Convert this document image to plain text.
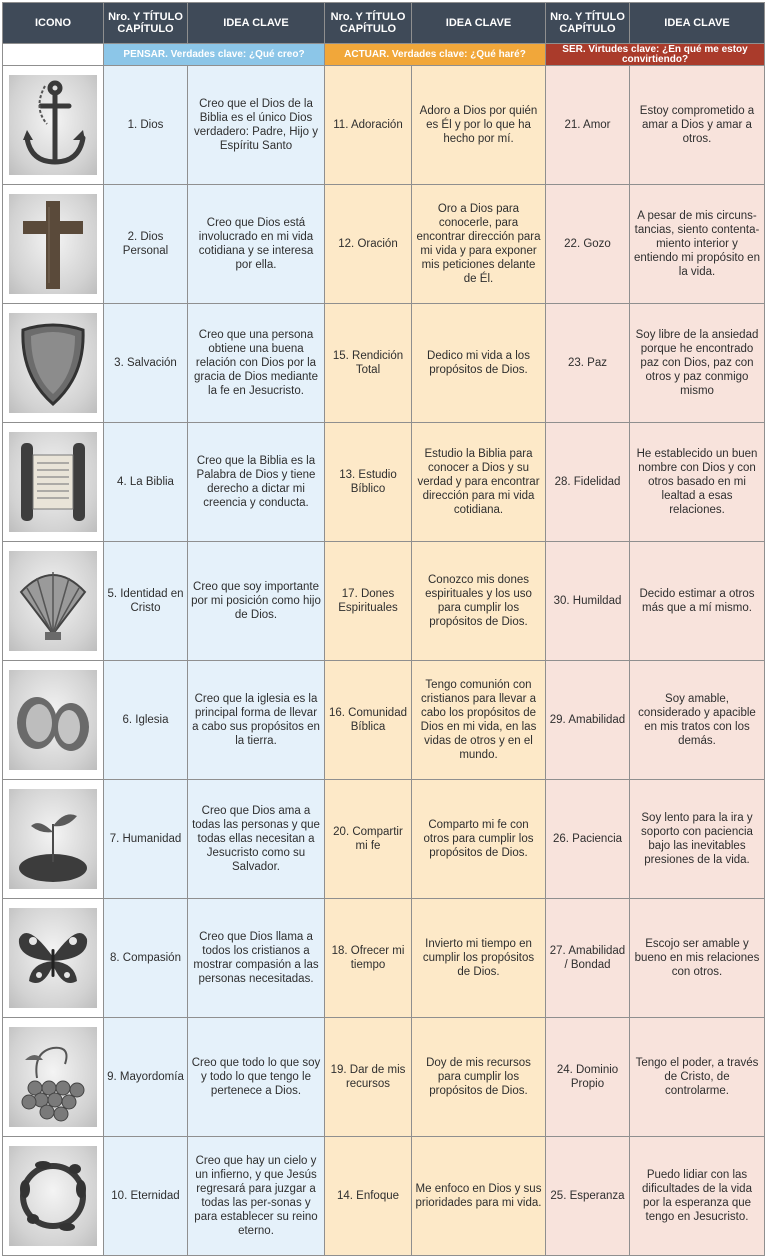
ICONO	Nro. Y TÍTULO CAPÍTULO	IDEA CLAVE	Nro. Y TÍTULO CAPÍTULO	IDEA CLAVE	Nro. Y TÍTULO CAPÍTULO	IDEA CLAVE
	PENSAR. Verdades clave: ¿Qué creo?		ACTUAR. Verdades clave: ¿Qué haré?		SER. Virtudes clave: ¿En qué me estoy convirtiendo?	

	1. Dios	Creo que el Dios de la Biblia es el único Dios verdadero: Padre, Hijo y Espíritu Santo	11. Adoración	Adoro a Dios por quién es Él y por lo que ha hecho por mí.	21. Amor	Estoy comprometido a amar a Dios y amar a otros.

	2. Dios Personal	Creo que Dios está involucrado en mi vida cotidiana y se interesa por ella.	12. Oración	Oro a Dios para conocerle, para encontrar dirección para mi vida y para exponer mis peticiones delante de Él.	22. Gozo	A pesar de mis circuns-tancias, siento contenta-miento interior y entiendo mi propósito en la vida.

	3. Salvación	Creo que una persona obtiene una buena relación con Dios por la gracia de Dios mediante la fe en Jesucristo.	15. Rendición Total	Dedico mi vida a los propósitos de Dios.	23. Paz	Soy libre de la ansiedad porque he encontrado paz con Dios, paz con otros y paz conmigo mismo

	4. La Biblia	Creo que la Biblia es la Palabra de Dios y tiene derecho a dictar mi creencia y conducta.	13. Estudio Bíblico	Estudio la Biblia para conocer a Dios y su verdad y para encontrar dirección para mi vida cotidiana.	28. Fidelidad	He establecido un buen nombre con Dios y con otros basado en mi lealtad a esas relaciones.

	5. Identidad en Cristo	Creo que soy importante por mi posición como hijo de Dios.	17. Dones Espirituales	Conozco mis dones espirituales y los uso para cumplir los propósitos de Dios.	30. Humildad	Decido estimar a otros más que a mí mismo.

	6. Iglesia	Creo que la iglesia es la principal forma de llevar a cabo sus propósitos en la tierra.	16. Comunidad Bíblica	Tengo comunión con cristianos para llevar a cabo los propósitos de Dios en mi vida, en las vidas de otros y en el mundo.	29. Amabilidad	Soy amable, considerado y apacible en mis tratos con los demás.

	7. Humanidad	Creo que Dios ama a todas las personas y que todas ellas necesitan a Jesucristo como su Salvador.	20. Compartir mi fe	Comparto mi fe con otros para cumplir los propósitos de Dios.	26. Paciencia	Soy lento para la ira y soporto con paciencia bajo las inevitables presiones de la vida.

	8. Compasión	Creo que Dios llama a todos los cristianos a mostrar compasión a las personas necesitadas.	18. Ofrecer mi tiempo	Invierto mi tiempo en cumplir los propósitos de Dios.	27. Amabilidad / Bondad	Escojo ser amable y bueno en mis relaciones con otros.

	9. Mayordomía	Creo que todo lo que soy y todo lo que tengo le pertenece a Dios.	19. Dar de mis recursos	Doy de mis recursos para cumplir los propósitos de Dios.	24. Dominio Propio	Tengo el poder, a través de Cristo, de controlarme.

	10. Eternidad	Creo que hay un cielo y un infierno, y que Jesús regresará para juzgar a todas las per-sonas y para establecer su reino eterno.	14. Enfoque	Me enfoco en Dios y sus prioridades para mi vida.	25. Esperanza	Puedo lidiar con las dificultades de la vida por la esperanza que tengo en Jesucristo.
